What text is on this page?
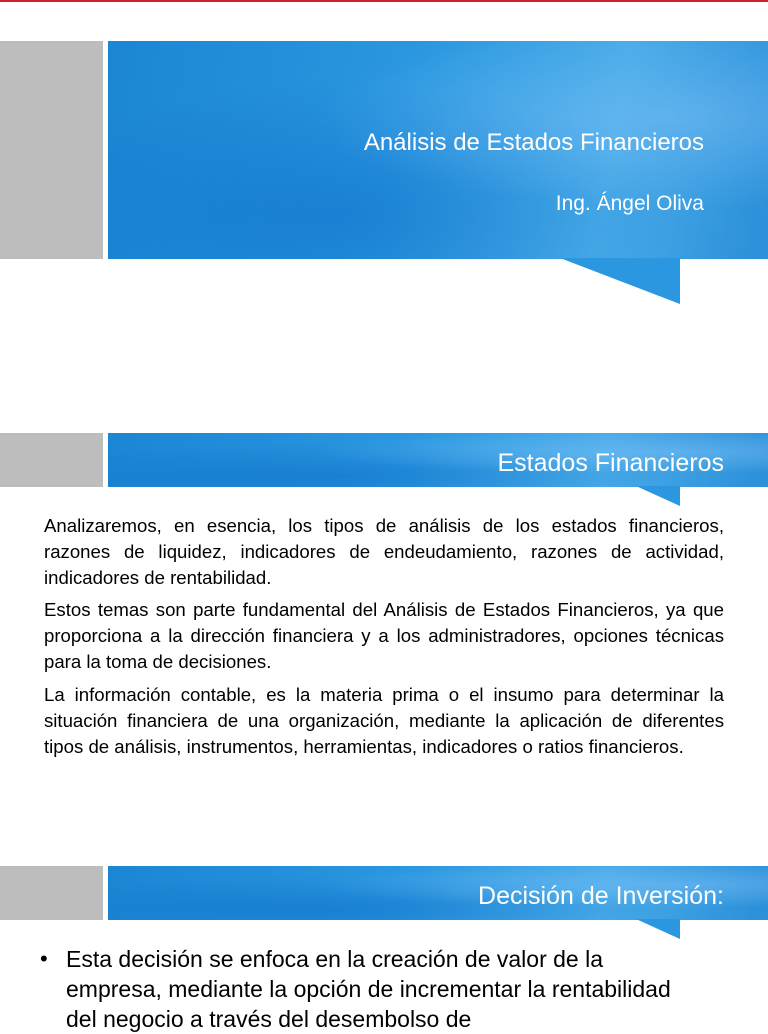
Análisis de Estados Financieros
Ing. Ángel Oliva
Estados Financieros

Analizaremos, en esencia, los tipos de análisis de los estados financieros, razones de liquidez, indicadores de endeudamiento, razones de actividad, indicadores de rentabilidad.

Estos temas son parte fundamental del Análisis de Estados Financieros, ya que proporciona a la dirección financiera y a los administradores, opciones técnicas para la toma de decisiones.

La información contable, es la materia prima o el insumo para determinar la situación financiera de una organización, mediante la aplicación de diferentes tipos de análisis, instrumentos, herramientas, indicadores o ratios financieros.

Decisión de Inversión:
• Esta decisión se enfoca en la creación de valor de la empresa, mediante la opción de incrementar la rentabilidad del negocio a través del desembolso de
